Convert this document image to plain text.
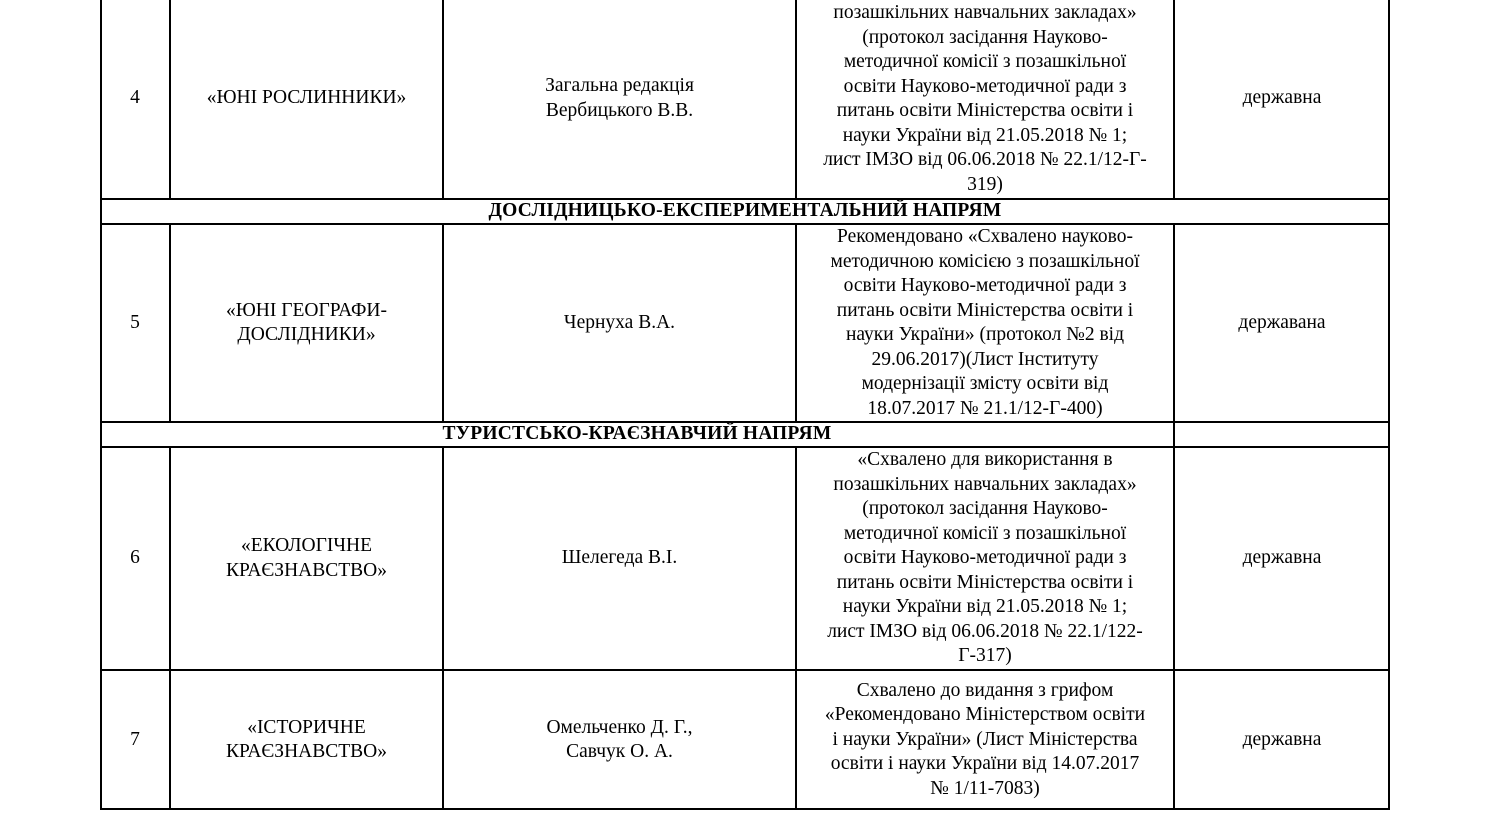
4	«ЮНІ РОСЛИННИКИ»
Загальна редакція
Вербицького В.В.
позашкільних навчальних закладах»
(протокол засідання Науково-
методичної комісії з позашкільної
освіти Науково-методичної ради з
питань освіти Міністерства освіти і
науки України від 21.05.2018 № 1;
лист ІМЗО від 06.06.2018 № 22.1/12-Г-
319)
державна
ДОСЛІДНИЦЬКО-ЕКСПЕРИМЕНТАЛЬНИЙ НАПРЯМ
5
«ЮНІ ГЕОГРАФИ-
ДОСЛІДНИКИ»
Чернуха В.А.
Рекомендовано «Схвалено науково-
методичною комісією з позашкільної
освіти Науково-методичної ради з
питань освіти Міністерства освіти і
науки України» (протокол №2 від
29.06.2017)(Лист Інституту
модернізації змісту освіти від
18.07.2017 № 21.1/12-Г-400)
державана
ТУРИСТСЬКО-КРАЄЗНАВЧИЙ НАПРЯМ
6
«ЕКОЛОГІЧНЕ
КРАЄЗНАВСТВО»
Шелегеда В.І.
«Схвалено для використання в
позашкільних навчальних закладах»
(протокол засідання Науково-
методичної комісії з позашкільної
освіти Науково-методичної ради з
питань освіти Міністерства освіти і
науки України від 21.05.2018 № 1;
лист ІМЗО від 06.06.2018 № 22.1/122-
Г-317)
державна
7
«ІСТОРИЧНЕ
КРАЄЗНАВСТВО»
Омельченко Д. Г.,
Савчук О. А.
Схвалено до видання з грифом
«Рекомендовано Міністерством освіти
і науки України» (Лист Міністерства
освіти і науки України від 14.07.2017
№ 1/11-7083)
державна
